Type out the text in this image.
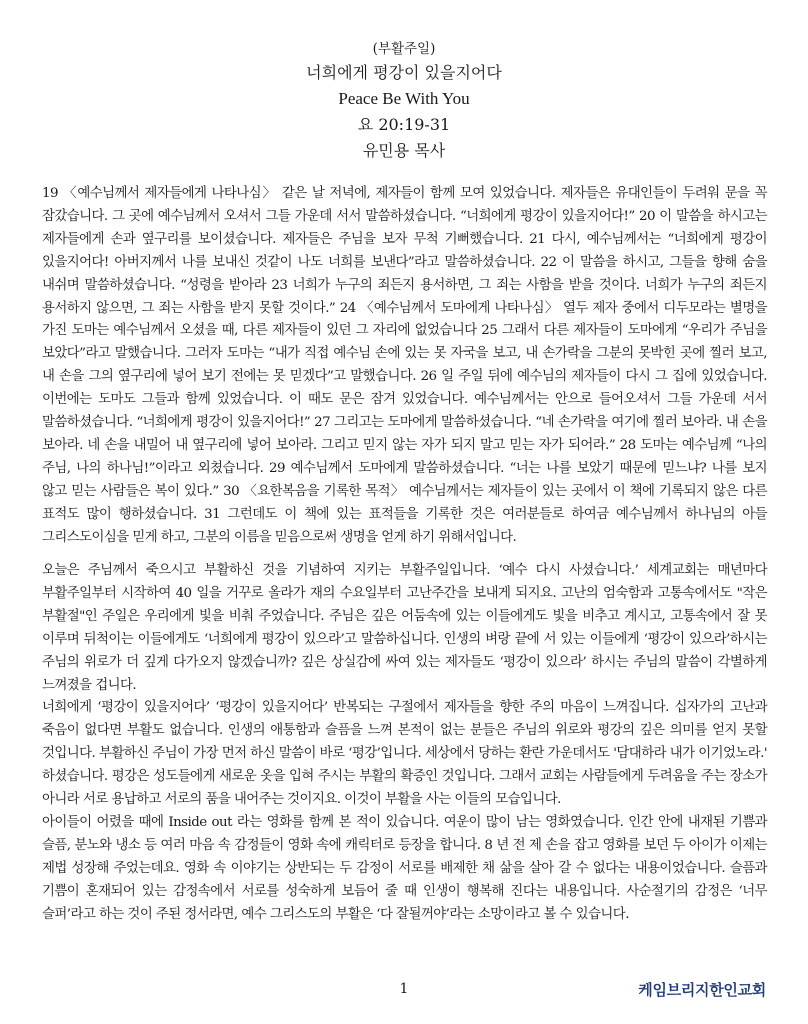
(부활주일)
너희에게 평강이 있을지어다
Peace Be With You
요 20:19-31
유민용 목사
19 〈예수님께서 제자들에게 나타나심〉 같은 날 저녁에, 제자들이 함께 모여 있었습니다. 제자들은 유대인들이 두려워 문을 꼭 잠갔습니다. 그 곳에 예수님께서 오셔서 그들 가운데 서서 말씀하셨습니다. “너희에게 평강이 있을지어다!” 20 이 말씀을 하시고는 제자들에게 손과 옆구리를 보이셨습니다. 제자들은 주님을 보자 무척 기뻐했습니다. 21 다시, 예수님께서는 “너희에게 평강이 있을지어다! 아버지께서 나를 보내신 것같이 나도 너희를 보낸다”라고 말씀하셨습니다. 22 이 말씀을 하시고, 그들을 향해 숨을 내쉬며 말씀하셨습니다. “성령을 받아라 23 너희가 누구의 죄든지 용서하면, 그 죄는 사함을 받을 것이다. 너희가 누구의 죄든지 용서하지 않으면, 그 죄는 사함을 받지 못할 것이다.” 24 〈예수님께서 도마에게 나타나심〉 열두 제자 중에서 디두모라는 별명을 가진 도마는 예수님께서 오셨을 때, 다른 제자들이 있던 그 자리에 없었습니다 25 그래서 다른 제자들이 도마에게 “우리가 주님을 보았다”라고 말했습니다. 그러자 도마는 “내가 직접 예수님 손에 있는 못 자국을 보고, 내 손가락을 그분의 못박힌 곳에 찔러 보고, 내 손을 그의 옆구리에 넣어 보기 전에는 못 믿겠다”고 말했습니다. 26 일 주일 뒤에 예수님의 제자들이 다시 그 집에 있었습니다. 이번에는 도마도 그들과 함께 있었습니다. 이 때도 문은 잠겨 있었습니다. 예수님께서는 안으로 들어오셔서 그들 가운데 서서 말씀하셨습니다. “너희에게 평강이 있을지어다!” 27 그리고는 도마에게 말씀하셨습니다. “네 손가락을 여기에 찔러 보아라. 내 손을 보아라. 네 손을 내밀어 내 옆구리에 넣어 보아라. 그리고 믿지 않는 자가 되지 말고 믿는 자가 되어라.” 28 도마는 예수님께 “나의 주님, 나의 하나님!”이라고 외쳤습니다. 29 예수님께서 도마에게 말씀하셨습니다. “너는 나를 보았기 때문에 믿느냐? 나를 보지 않고 믿는 사람들은 복이 있다.” 30 〈요한복음을 기록한 목적〉 예수님께서는 제자들이 있는 곳에서 이 책에 기록되지 않은 다른 표적도 많이 행하셨습니다. 31 그런데도 이 책에 있는 표적들을 기록한 것은 여러분들로 하여금 예수님께서 하나님의 아들 그리스도이심을 믿게 하고, 그분의 이름을 믿음으로써 생명을 얻게 하기 위해서입니다.

오늘은 주님께서 죽으시고 부활하신 것을 기념하여 지키는 부활주일입니다. ‘예수 다시 사셨습니다.’ 세계교회는 매년마다 부활주일부터 시작하여 40 일을 거꾸로 올라가 재의 수요일부터 고난주간을 보내게 되지요. 고난의 엄숙함과 고통속에서도 "작은 부활절"인 주일은 우리에게 빛을 비춰 주었습니다. 주님은 깊은 어둠속에 있는 이들에게도 빛을 비추고 계시고, 고통속에서 잘 못 이루며 뒤척이는 이들에게도 ‘너희에게 평강이 있으라’고 말씀하십니다. 인생의 벼랑 끝에 서 있는 이들에게 ‘평강이 있으라’하시는 주님의 위로가 더 깊게 다가오지 않겠습니까? 깊은 상실감에 싸여 있는 제자들도 ‘평강이 있으라’ 하시는 주님의 말씀이 각별하게 느껴졌을 겁니다.

너희에게 ‘평강이 있을지어다’ ‘평강이 있을지어다’ 반복되는 구절에서 제자들을 향한 주의 마음이 느껴집니다. 십자가의 고난과 죽음이 없다면 부활도 없습니다. 인생의 애통함과 슬픔을 느껴 본적이 없는 분들은 주님의 위로와 평강의 깊은 의미를 얻지 못할 것입니다. 부활하신 주님이 가장 먼저 하신 말씀이 바로 ‘평강’입니다. 세상에서 당하는 환란 가운데서도 '담대하라 내가 이기었노라.' 하셨습니다. 평강은 성도들에게 새로운 옷을 입혀 주시는 부활의 확증인 것입니다. 그래서 교회는 사람들에게 두려움을 주는 장소가 아니라 서로 용납하고 서로의 품을 내어주는 것이지요. 이것이 부활을 사는 이들의 모습입니다.

아이들이 어렸을 때에 Inside out 라는 영화를 함께 본 적이 있습니다. 여운이 많이 남는 영화였습니다. 인간 안에 내재된 기쁨과 슬픔, 분노와 냉소 등 여러 마음 속 감정들이 영화 속에 캐릭터로 등장을 합니다. 8 년 전 제 손을 잡고 영화를 보던 두 아이가 이제는 제법 성장해 주었는데요. 영화 속 이야기는 상반되는 두 감정이 서로를 배제한 채 삶을 살아 갈 수 없다는 내용이었습니다. 슬픔과 기쁨이 혼재되어 있는 감정속에서 서로를 성숙하게 보듬어 줄 때 인생이 행복해 진다는 내용입니다. 사순절기의 감정은 ‘너무 슬퍼’라고 하는 것이 주된 정서라면, 예수 그리스도의 부활은 ‘다 잘될꺼야’라는 소망이라고 볼 수 있습니다.

1	케임브리지한인교회
